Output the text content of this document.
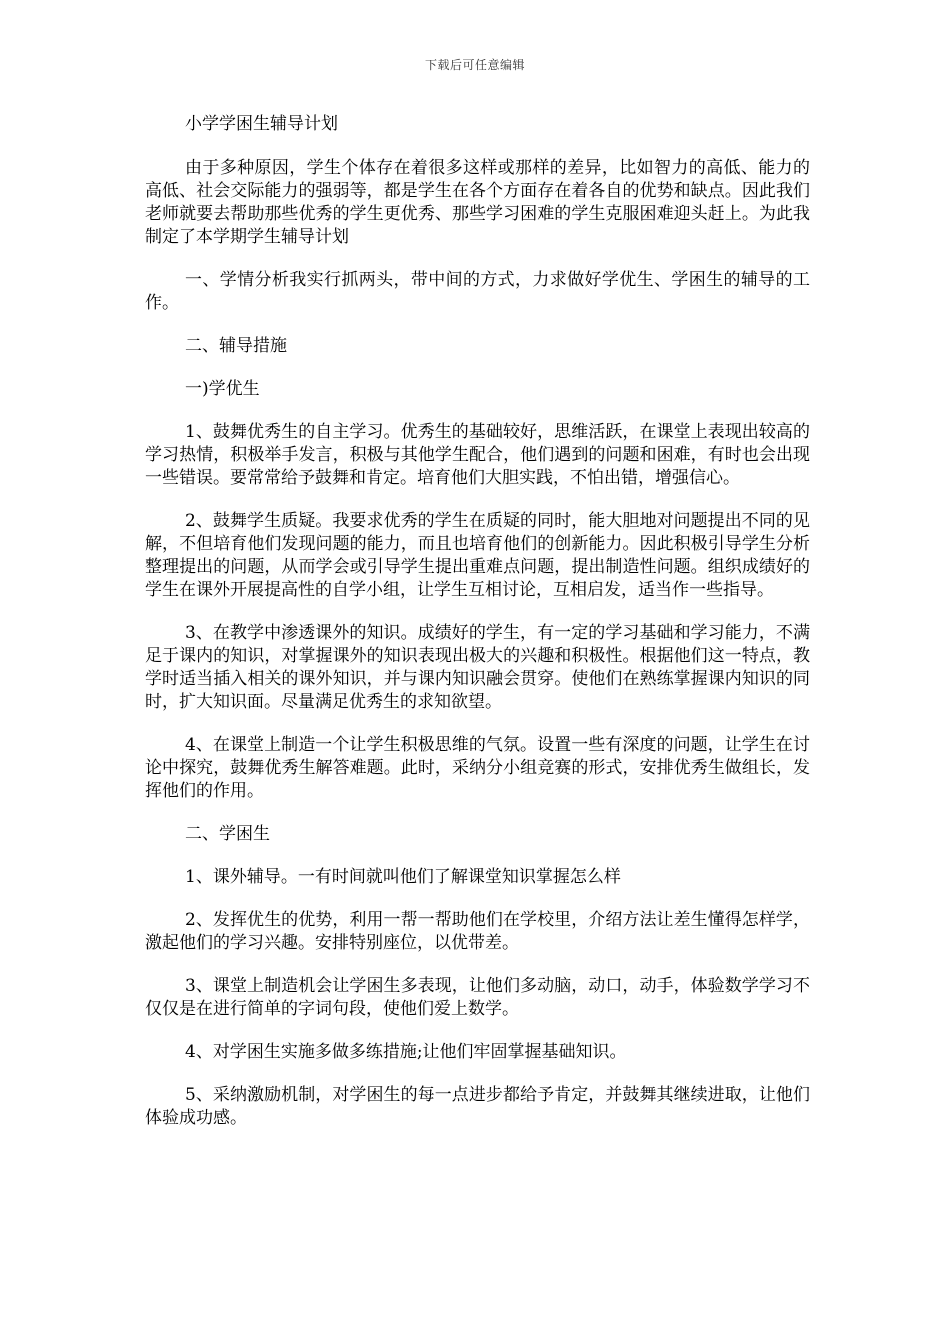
下载后可任意编辑

小学学困生辅导计划

由于多种原因，学生个体存在着很多这样或那样的差异，比如智力的高低、能力的高低、社会交际能力的强弱等，都是学生在各个方面存在着各自的优势和缺点。因此我们老师就要去帮助那些优秀的学生更优秀、那些学习困难的学生克服困难迎头赶上。为此我制定了本学期学生辅导计划

一、学情分析我实行抓两头，带中间的方式，力求做好学优生、学困生的辅导的工作。

二、辅导措施

一)学优生

1、鼓舞优秀生的自主学习。优秀生的基础较好，思维活跃，在课堂上表现出较高的学习热情，积极举手发言，积极与其他学生配合，他们遇到的问题和困难，有时也会出现一些错误。要常常给予鼓舞和肯定。培育他们大胆实践，不怕出错，增强信心。

2、鼓舞学生质疑。我要求优秀的学生在质疑的同时，能大胆地对问题提出不同的见解，不但培育他们发现问题的能力，而且也培育他们的创新能力。因此积极引导学生分析整理提出的问题，从而学会或引导学生提出重难点问题，提出制造性问题。组织成绩好的学生在课外开展提高性的自学小组，让学生互相讨论，互相启发，适当作一些指导。

3、在教学中渗透课外的知识。成绩好的学生，有一定的学习基础和学习能力，不满足于课内的知识，对掌握课外的知识表现出极大的兴趣和积极性。根据他们这一特点，教学时适当插入相关的课外知识，并与课内知识融会贯穿。使他们在熟练掌握课内知识的同时，扩大知识面。尽量满足优秀生的求知欲望。

4、在课堂上制造一个让学生积极思维的气氛。设置一些有深度的问题，让学生在讨论中探究，鼓舞优秀生解答难题。此时，采纳分小组竞赛的形式，安排优秀生做组长，发挥他们的作用。

二、学困生

1、课外辅导。一有时间就叫他们了解课堂知识掌握怎么样

2、发挥优生的优势，利用一帮一帮助他们在学校里，介绍方法让差生懂得怎样学，激起他们的学习兴趣。安排特别座位，以优带差。

3、课堂上制造机会让学困生多表现，让他们多动脑，动口，动手，体验数学学习不仅仅是在进行简单的字词句段，使他们爱上数学。

4、对学困生实施多做多练措施;让他们牢固掌握基础知识。

5、采纳激励机制，对学困生的每一点进步都给予肯定，并鼓舞其继续进取，让他们体验成功感。
